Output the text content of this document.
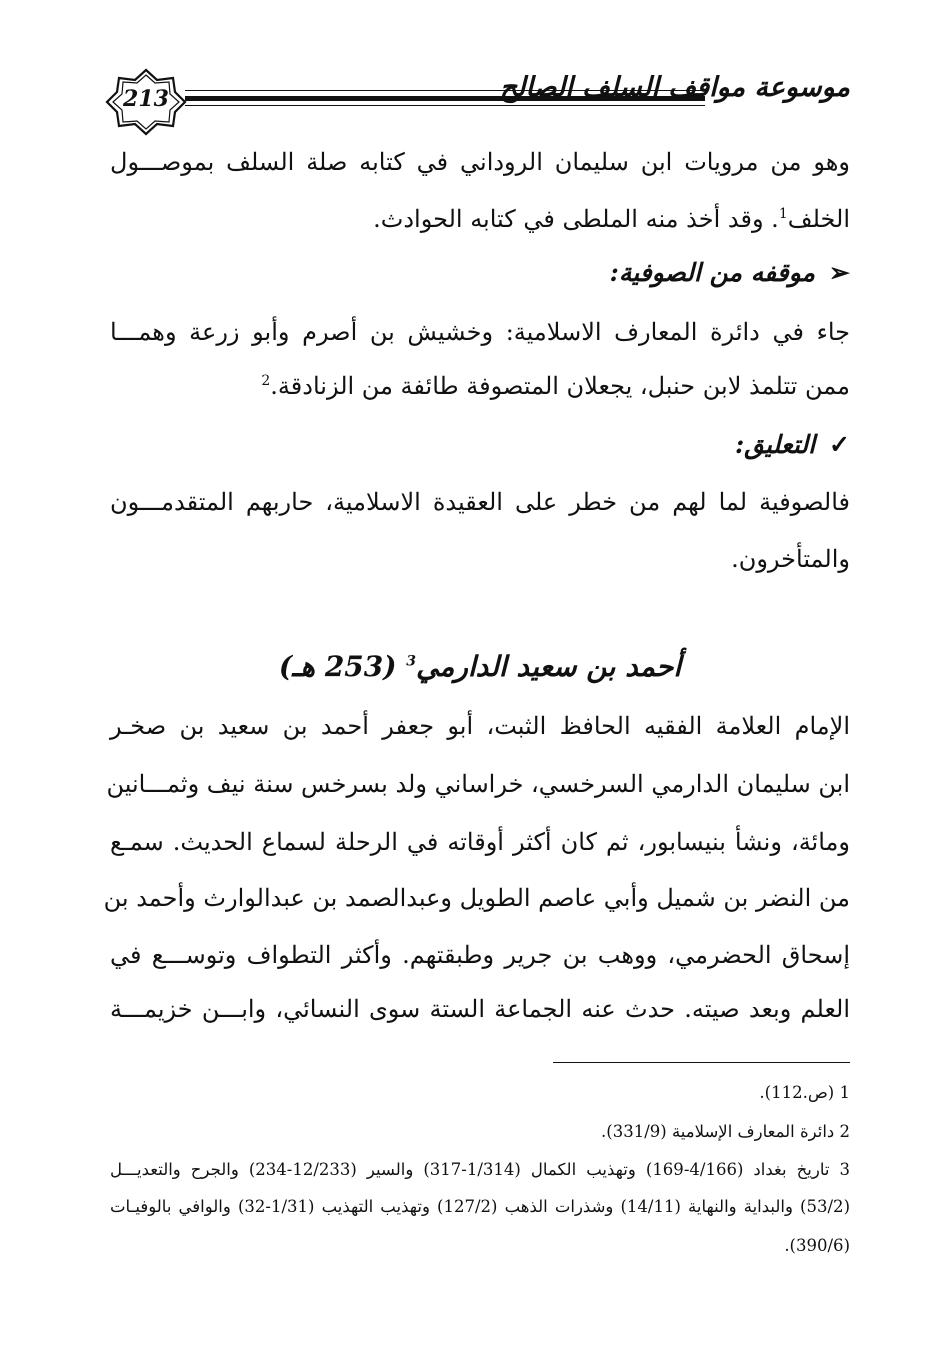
213	موسوعة مواقف السلف الصالح
وهو من مرويات ابن سليمان الروداني في كتابه صلة السلف بموصـــول
الخلف$^1$. وقد أخذ منه الملطى في كتابه الحوادث.
➢موقفه من الصوفية:
جاء في دائرة المعارف الاسلامية: وخشيش بن أصرم وأبو زرعة وهمـــا
ممن تتلمذ لابن حنبل، يجعلان المتصوفة طائفة من الزنادقة.$^2$
✓التعليق:
فالصوفية لما لهم من خطر على العقيدة الاسلامية، حاربهم المتقدمـــون
والمتأخرون.
أحمد بن سعيد الدارمي$^3$ (253 هـ)
الإمام العلامة الفقيه الحافظ الثبت، أبو جعفر أحمد بن سعيد بن صخـر
ابن سليمان الدارمي السرخسي، خراساني ولد بسرخس سنة نيف وثمـــانين
ومائة، ونشأ بنيسابور، ثم كان أكثر أوقاته في الرحلة لسماع الحديث. سمـع
من النضر بن شميل وأبي عاصم الطويل وعبدالصمد بن عبدالوارث وأحمد بن
إسحاق الحضرمي، ووهب بن جرير وطبقتهم. وأكثر التطواف وتوســـع في
العلم وبعد صيته. حدث عنه الجماعة الستة سوى النسائي، وابـــن خزيمـــة
1 (ص.112).
2 دائرة المعارف الإسلامية (331/9).
3 تاريخ بغداد (4/166-169) وتهذيب الكمال (1/314-317) والسير (12/233-234) والجرح والتعديـــل
(53/2) والبداية والنهاية (14/11) وشذرات الذهب (127/2) وتهذيب التهذيب (1/31-32) والوافي بالوفيـات
(390/6).
